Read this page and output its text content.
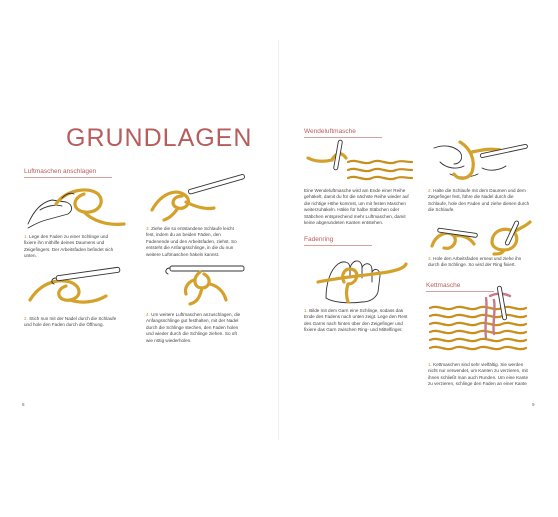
GRUNDLAGEN
Luftmaschen anschlagen
1. Lege den Faden zu einer Schlinge und fixiere ihn mithilfe deines Daumens und Zeigefingers. Der Arbeitsfaden befindet sich unten.
2. Stich nun mit der Nadel durch die Schlaufe und hole den Faden durch die Öffnung.
3. Ziehe die so entstandene Schlaufe leicht fest, indem du an beiden Fäden, den Fadenende und den Arbeitsfaden, ziehst. So entsteht die Anfangsschlinge, in die du nun weitere Luftmaschen häkeln kannst.
4. Um weitere Luftmaschen anzuschlagen, die Anfangsschlinge gut festhalten, mit der Nadel durch die Schlinge stechen, den Faden holen und wieder durch die Schlinge ziehen. So oft wie nötig wiederholen.
8
Wendeluftmasche
Eine Wendeluftmasche wird am Ende einer Reihe gehäkelt, damit du für die nächste Reihe wieder auf die richtige Höhe kommst, um mit festen Maschen weiterzuhäkeln. Häkle für halbe Stäbchen oder Stäbchen entsprechend mehr Luftmaschen, damit keine abgerundeten Kanten entstehen.
Fadenring
1. Bilde mit dem Garn eine Schlinge, sodass das Ende des Fadens nach unten zeigt. Lege den Rest des Garns nach hinten über den Zeigefinger und fixiere das Garn zwischen Ring- und Mittelfinger.
2. Halte die Schlaufe mit dem Daumen und dem Zeigefinger fest, führe die Nadel durch die Schlaufe, hole den Faden und ziehe diesen durch die Schlaufe.
3. Hole den Arbeitsfaden erneut und ziehe ihn durch die Schlinge. So wird der Ring fixiert.
Kettmasche
1. Kettmaschen sind sehr vielfältig. Sie werden nicht nur verwendet, um Kanten zu verzieren, mit ihnen schließt man auch Runden. Um eine Kante zu verzieren, schlinge den Faden an einer Kante
9
